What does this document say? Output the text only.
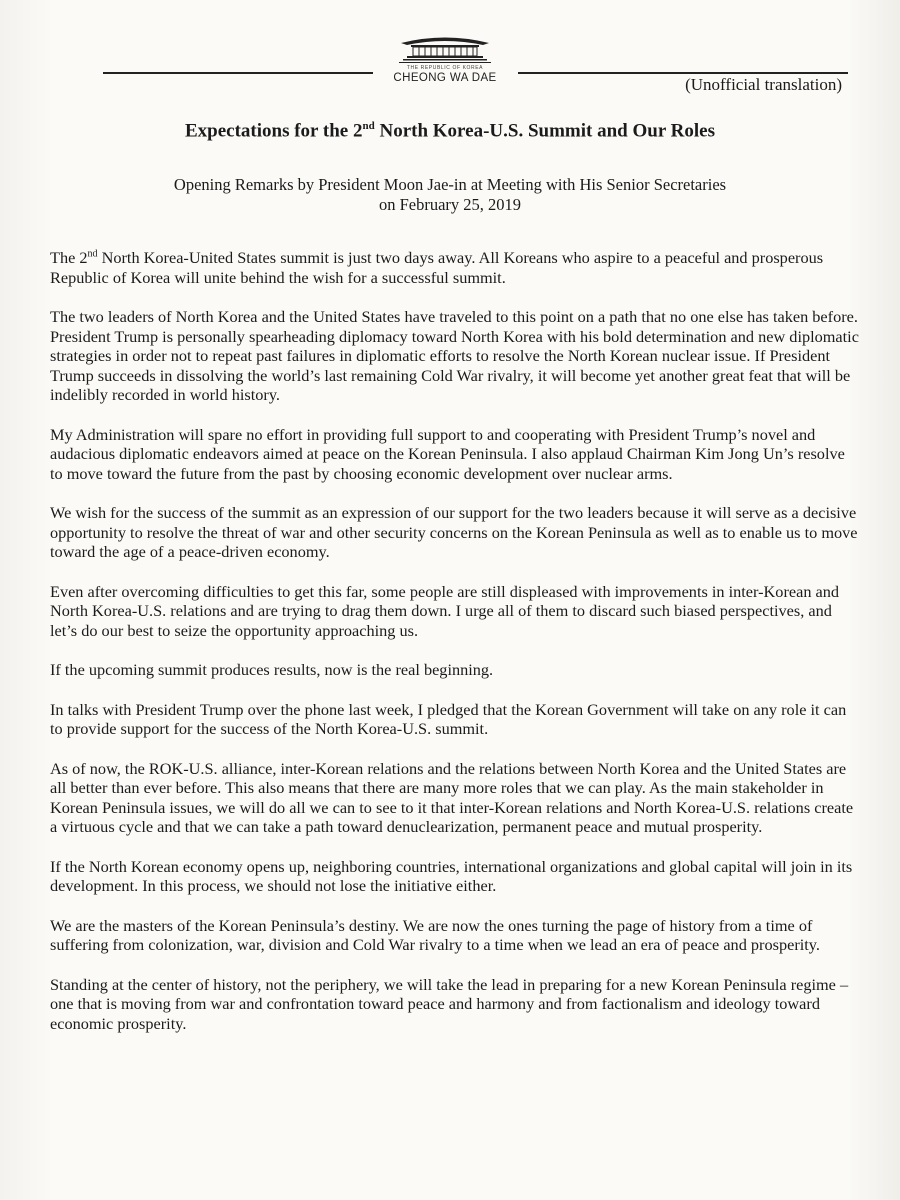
THE REPUBLIC OF KOREA
CHEONG WA DAE	(Unofficial translation)
Expectations for the 2nd North Korea-U.S. Summit and Our Roles
Opening Remarks by President Moon Jae-in at Meeting with His Senior Secretaries
on February 25, 2019

The 2nd North Korea-United States summit is just two days away. All Koreans who aspire to a peaceful and prosperous Republic of Korea will unite behind the wish for a successful summit.

The two leaders of North Korea and the United States have traveled to this point on a path that no one else has taken before. President Trump is personally spearheading diplomacy toward North Korea with his bold determination and new diplomatic strategies in order not to repeat past failures in diplomatic efforts to resolve the North Korean nuclear issue. If President Trump succeeds in dissolving the world’s last remaining Cold War rivalry, it will become yet another great feat that will be indelibly recorded in world history.

My Administration will spare no effort in providing full support to and cooperating with President Trump’s novel and audacious diplomatic endeavors aimed at peace on the Korean Peninsula. I also applaud Chairman Kim Jong Un’s resolve to move toward the future from the past by choosing economic development over nuclear arms.

We wish for the success of the summit as an expression of our support for the two leaders because it will serve as a decisive opportunity to resolve the threat of war and other security concerns on the Korean Peninsula as well as to enable us to move toward the age of a peace-driven economy.

Even after overcoming difficulties to get this far, some people are still displeased with improvements in inter-Korean and North Korea-U.S. relations and are trying to drag them down. I urge all of them to discard such biased perspectives, and let’s do our best to seize the opportunity approaching us.

If the upcoming summit produces results, now is the real beginning.

In talks with President Trump over the phone last week, I pledged that the Korean Government will take on any role it can to provide support for the success of the North Korea-U.S. summit.

As of now, the ROK-U.S. alliance, inter-Korean relations and the relations between North Korea and the United States are all better than ever before. This also means that there are many more roles that we can play. As the main stakeholder in Korean Peninsula issues, we will do all we can to see to it that inter-Korean relations and North Korea-U.S. relations create a virtuous cycle and that we can take a path toward denuclearization, permanent peace and mutual prosperity.

If the North Korean economy opens up, neighboring countries, international organizations and global capital will join in its development. In this process, we should not lose the initiative either.

We are the masters of the Korean Peninsula’s destiny. We are now the ones turning the page of history from a time of suffering from colonization, war, division and Cold War rivalry to a time when we lead an era of peace and prosperity.

Standing at the center of history, not the periphery, we will take the lead in preparing for a new Korean Peninsula regime – one that is moving from war and confrontation toward peace and harmony and from factionalism and ideology toward economic prosperity.
